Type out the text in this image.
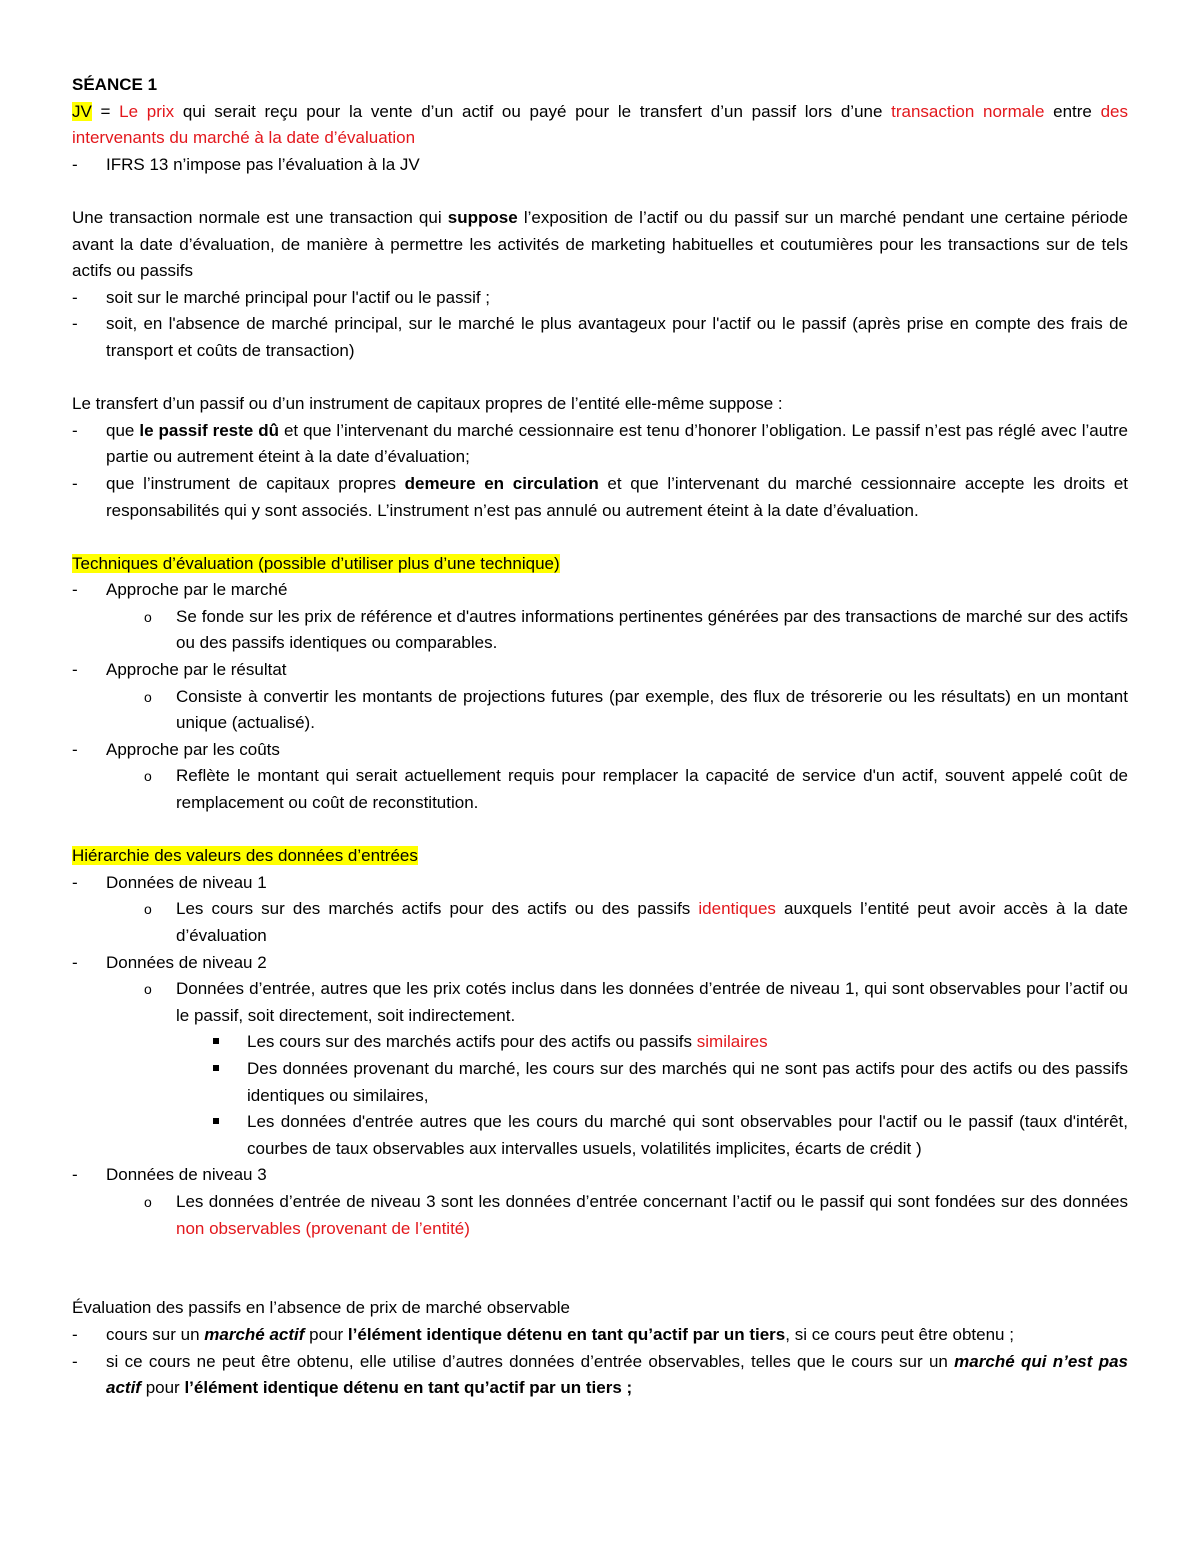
SÉANCE 1

JV = Le prix qui serait reçu pour la vente d’un actif ou payé pour le transfert d’un passif lors d’une transaction normale entre des intervenants du marché à la date d’évaluation

- IFRS 13 n’impose pas l’évaluation à la JV

Une transaction normale est une transaction qui suppose l’exposition de l’actif ou du passif sur un marché pendant une certaine période avant la date d’évaluation, de manière à permettre les activités de marketing habituelles et coutumières pour les transactions sur de tels actifs ou passifs

- soit sur le marché principal pour l'actif ou le passif ;
- soit, en l'absence de marché principal, sur le marché le plus avantageux pour l'actif ou le passif (après prise en compte des frais de transport et coûts de transaction)

Le transfert d’un passif ou d’un instrument de capitaux propres de l’entité elle-même suppose :

- que le passif reste dû et que l’intervenant du marché cessionnaire est tenu d’honorer l’obligation. Le passif n’est pas réglé avec l’autre partie ou autrement éteint à la date d’évaluation;
- que l’instrument de capitaux propres demeure en circulation et que l’intervenant du marché cessionnaire accepte les droits et responsabilités qui y sont associés. L’instrument n’est pas annulé ou autrement éteint à la date d’évaluation.

Techniques d’évaluation (possible d’utiliser plus d’une technique)

- Approche par le marché
o Se fonde sur les prix de référence et d'autres informations pertinentes générées par des transactions de marché sur des actifs ou des passifs identiques ou comparables.
- Approche par le résultat
o Consiste à convertir les montants de projections futures (par exemple, des flux de trésorerie ou les résultats) en un montant unique (actualisé).
- Approche par les coûts
o Reflète le montant qui serait actuellement requis pour remplacer la capacité de service d'un actif, souvent appelé coût de remplacement ou coût de reconstitution.

Hiérarchie des valeurs des données d’entrées

- Données de niveau 1
o Les cours sur des marchés actifs pour des actifs ou des passifs identiques auxquels l’entité peut avoir accès à la date d’évaluation
- Données de niveau 2
o Données d’entrée, autres que les prix cotés inclus dans les données d’entrée de niveau 1, qui sont observables pour l’actif ou le passif, soit directement, soit indirectement.
Les cours sur des marchés actifs pour des actifs ou passifs similaires
Des données provenant du marché, les cours sur des marchés qui ne sont pas actifs pour des actifs ou des passifs identiques ou similaires,
Les données d'entrée autres que les cours du marché qui sont observables pour l'actif ou le passif (taux d'intérêt, courbes de taux observables aux intervalles usuels, volatilités implicites, écarts de crédit )
- Données de niveau 3
o Les données d’entrée de niveau 3 sont les données d’entrée concernant l’actif ou le passif qui sont fondées sur des données non observables (provenant de l’entité)

Évaluation des passifs en l’absence de prix de marché observable

- cours sur un marché actif pour l’élément identique détenu en tant qu’actif par un tiers, si ce cours peut être obtenu ;
- si ce cours ne peut être obtenu, elle utilise d’autres données d’entrée observables, telles que le cours sur un marché qui n’est pas actif pour l’élément identique détenu en tant qu’actif par un tiers ;
